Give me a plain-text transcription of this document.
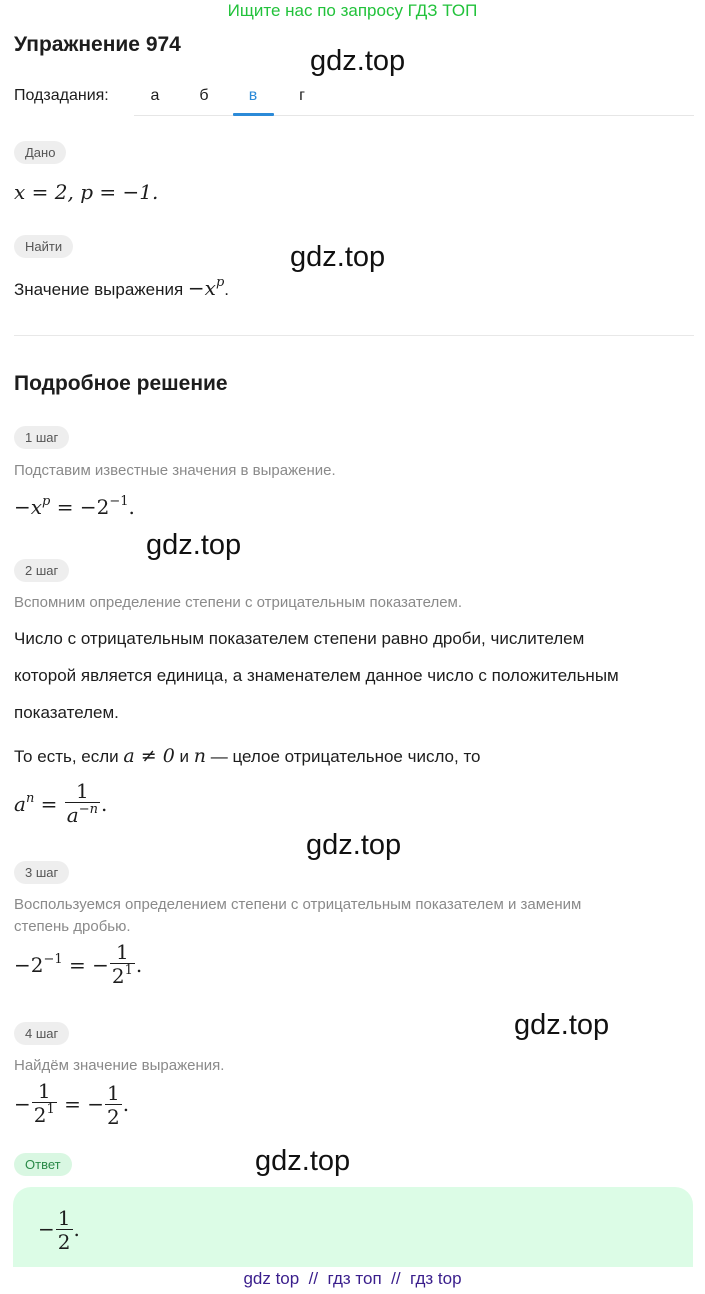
Ищите нас по запросу ГДЗ ТОП
Упражнение 974
gdz.top
gdz.top
gdz.top
gdz.top
gdz.top
gdz.top
Подзадания:	а	б	в	г
Дано
x = 2, p = −1.
Найти
Значение выражения $-x^p$.
Подробное решение
1 шаг
Подставим известные значения в выражение.
$-x^p = -2^{-1}$.
2 шаг
Вспомним определение степени с отрицательным показателем.
Число с отрицательным показателем степени равно дроби, числителем
которой является единица, а знаменателем данное число с положительным
показателем.
То есть, если a ≠ 0 и n — целое отрицательное число, то
$a^n = \frac{1}{a^{-n}}$ .
3 шаг
Воспользуемся определением степени с отрицательным показателем и заменим
степень дробью.
$-2^{-1}$ = − $\frac{1}{2^1}$ .
4 шаг
Найдём значение выражения.
− $\frac{1}{2^1}$ = − $\frac{1}{2}$ .
Ответ
− $\frac{1}{2}$ .
gdz top  //  гдз топ  //  гдз top
